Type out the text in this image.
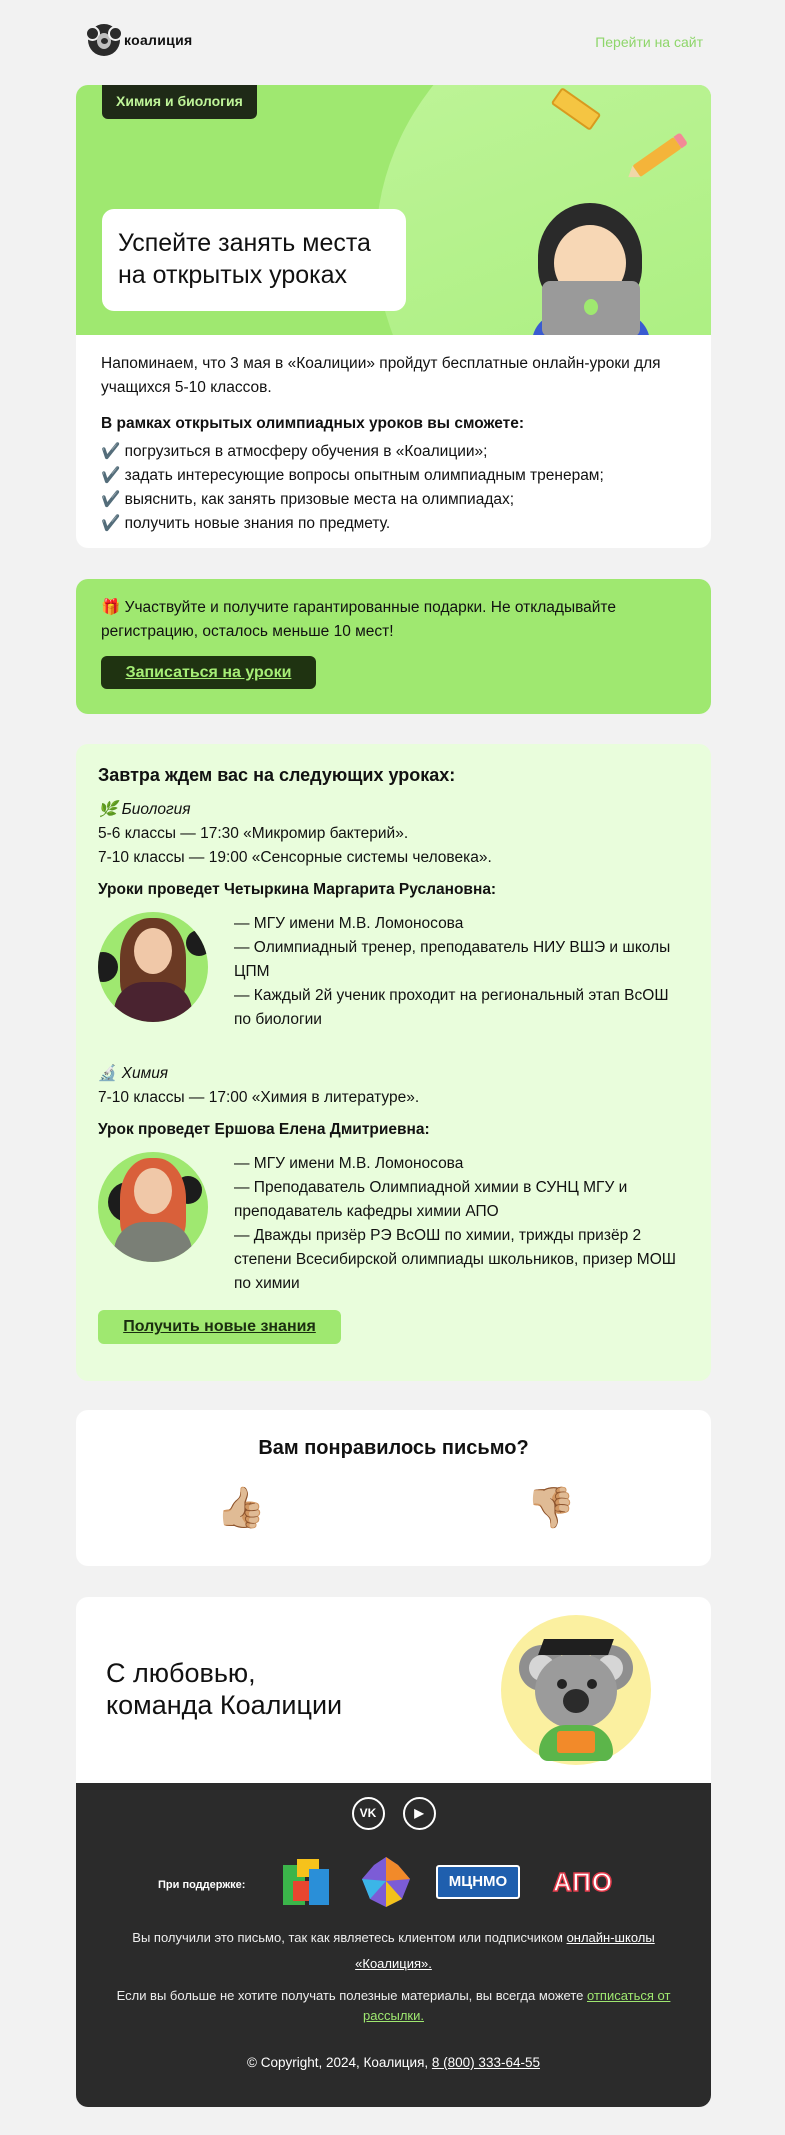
коалиция	Перейти на сайт
Химия и биология
Успейте занять места
на открытых уроках

Напоминаем, что 3 мая в «Коалиции» пройдут бесплатные онлайн-уроки для учащихся 5-10 классов.

В рамках открытых олимпиадных уроков вы сможете:
✔️ погрузиться в атмосферу обучения в «Коалиции»;
✔️ задать интересующие вопросы опытным олимпиадным тренерам;
✔️ выяснить, как занять призовые места на олимпиадах;
✔️ получить новые знания по предмету.
🎁 Участвуйте и получите гарантированные подарки. Не откладывайте регистрацию, осталось меньше 10 мест!
Записаться на уроки
Завтра ждем вас на следующих уроках:
🌿 Биология
5-6 классы — 17:30 «Микромир бактерий».
7-10 классы — 19:00 «Сенсорные системы человека».
Уроки проведет Четыркина Маргарита Руслановна:
— МГУ имени М.В. Ломоносова
— Олимпиадный тренер, преподаватель НИУ ВШЭ и школы ЦПМ
— Каждый 2й ученик проходит на региональный этап ВсОШ по биологии
🔬 Химия
7-10 классы — 17:00 «Химия в литературе».
Урок проведет Ершова Елена Дмитриевна:
— МГУ имени М.В. Ломоносова
— Преподаватель Олимпиадной химии в СУНЦ МГУ и преподаватель кафедры химии АПО
— Дважды призёр РЭ ВсОШ по химии, трижды призёр 2 степени Всесибирской олимпиады школьников, призер МОШ по химии
Получить новые знания
Вам понравилось письмо?
👍🏼	👎🏼
С любовью,
команда Коалиции
VK	▶
При поддержке:	МЦНМО	АПО
Вы получили это письмо, так как являетесь клиентом или подписчиком онлайн-школы «Коалиция».
Если вы больше не хотите получать полезные материалы, вы всегда можете отписаться от рассылки.
© Copyright, 2024, Коалиция, 8 (800) 333-64-55
